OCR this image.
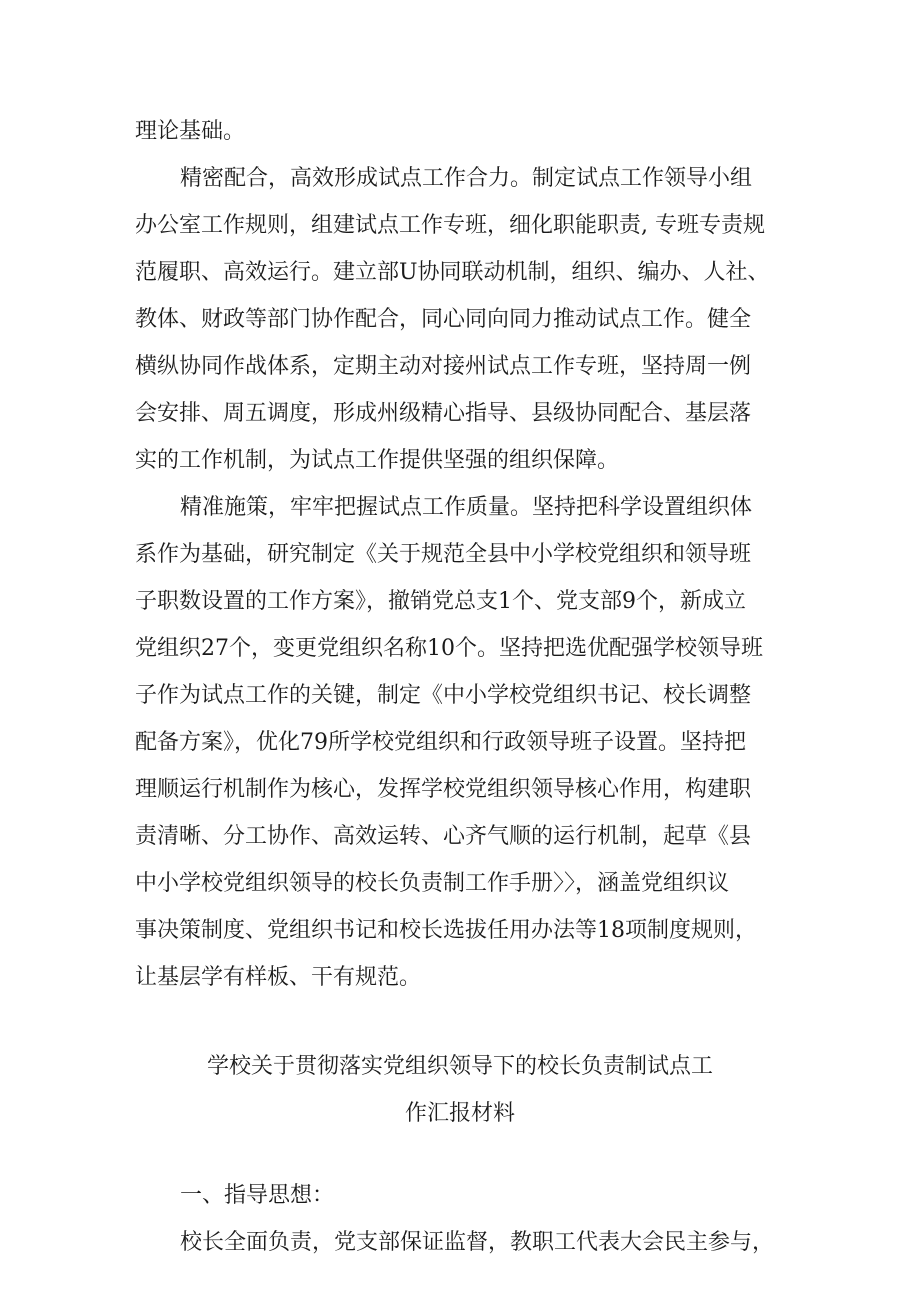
理论基础。
精密配合，高效形成试点工作合力。制定试点工作领导小组
办公室工作规则，组建试点工作专班，细化职能职责, 专班专责规
范履职、高效运行。建立部U协同联动机制，组织、编办、人社、
教体、财政等部门协作配合，同心同向同力推动试点工作。健全
横纵协同作战体系，定期主动对接州试点工作专班，坚持周一例
会安排、周五调度，形成州级精心指导、县级协同配合、基层落
实的工作机制，为试点工作提供坚强的组织保障。
精准施策，牢牢把握试点工作质量。坚持把科学设置组织体
系作为基础，研究制定《关于规范全县中小学校党组织和领导班
子职数设置的工作方案》，撤销党总支1个、党支部9个，新成立
党组织27个，变更党组织名称10个。坚持把选优配强学校领导班
子作为试点工作的关键，制定《中小学校党组织书记、校长调整
配备方案》，优化79所学校党组织和行政领导班子设置。坚持把
理顺运行机制作为核心，发挥学校党组织领导核心作用，构建职
责清晰、分工协作、高效运转、心齐气顺的运行机制，起草《县
中小学校党组织领导的校长负责制工作手册〉〉，涵盖党组织议
事决策制度、党组织书记和校长选拔任用办法等18项制度规则，
让基层学有样板、干有规范。
学校关于贯彻落实党组织领导下的校长负责制试点工
作汇报材料
一、指导思想：
校长全面负责，党支部保证监督，教职工代表大会民主参与，
